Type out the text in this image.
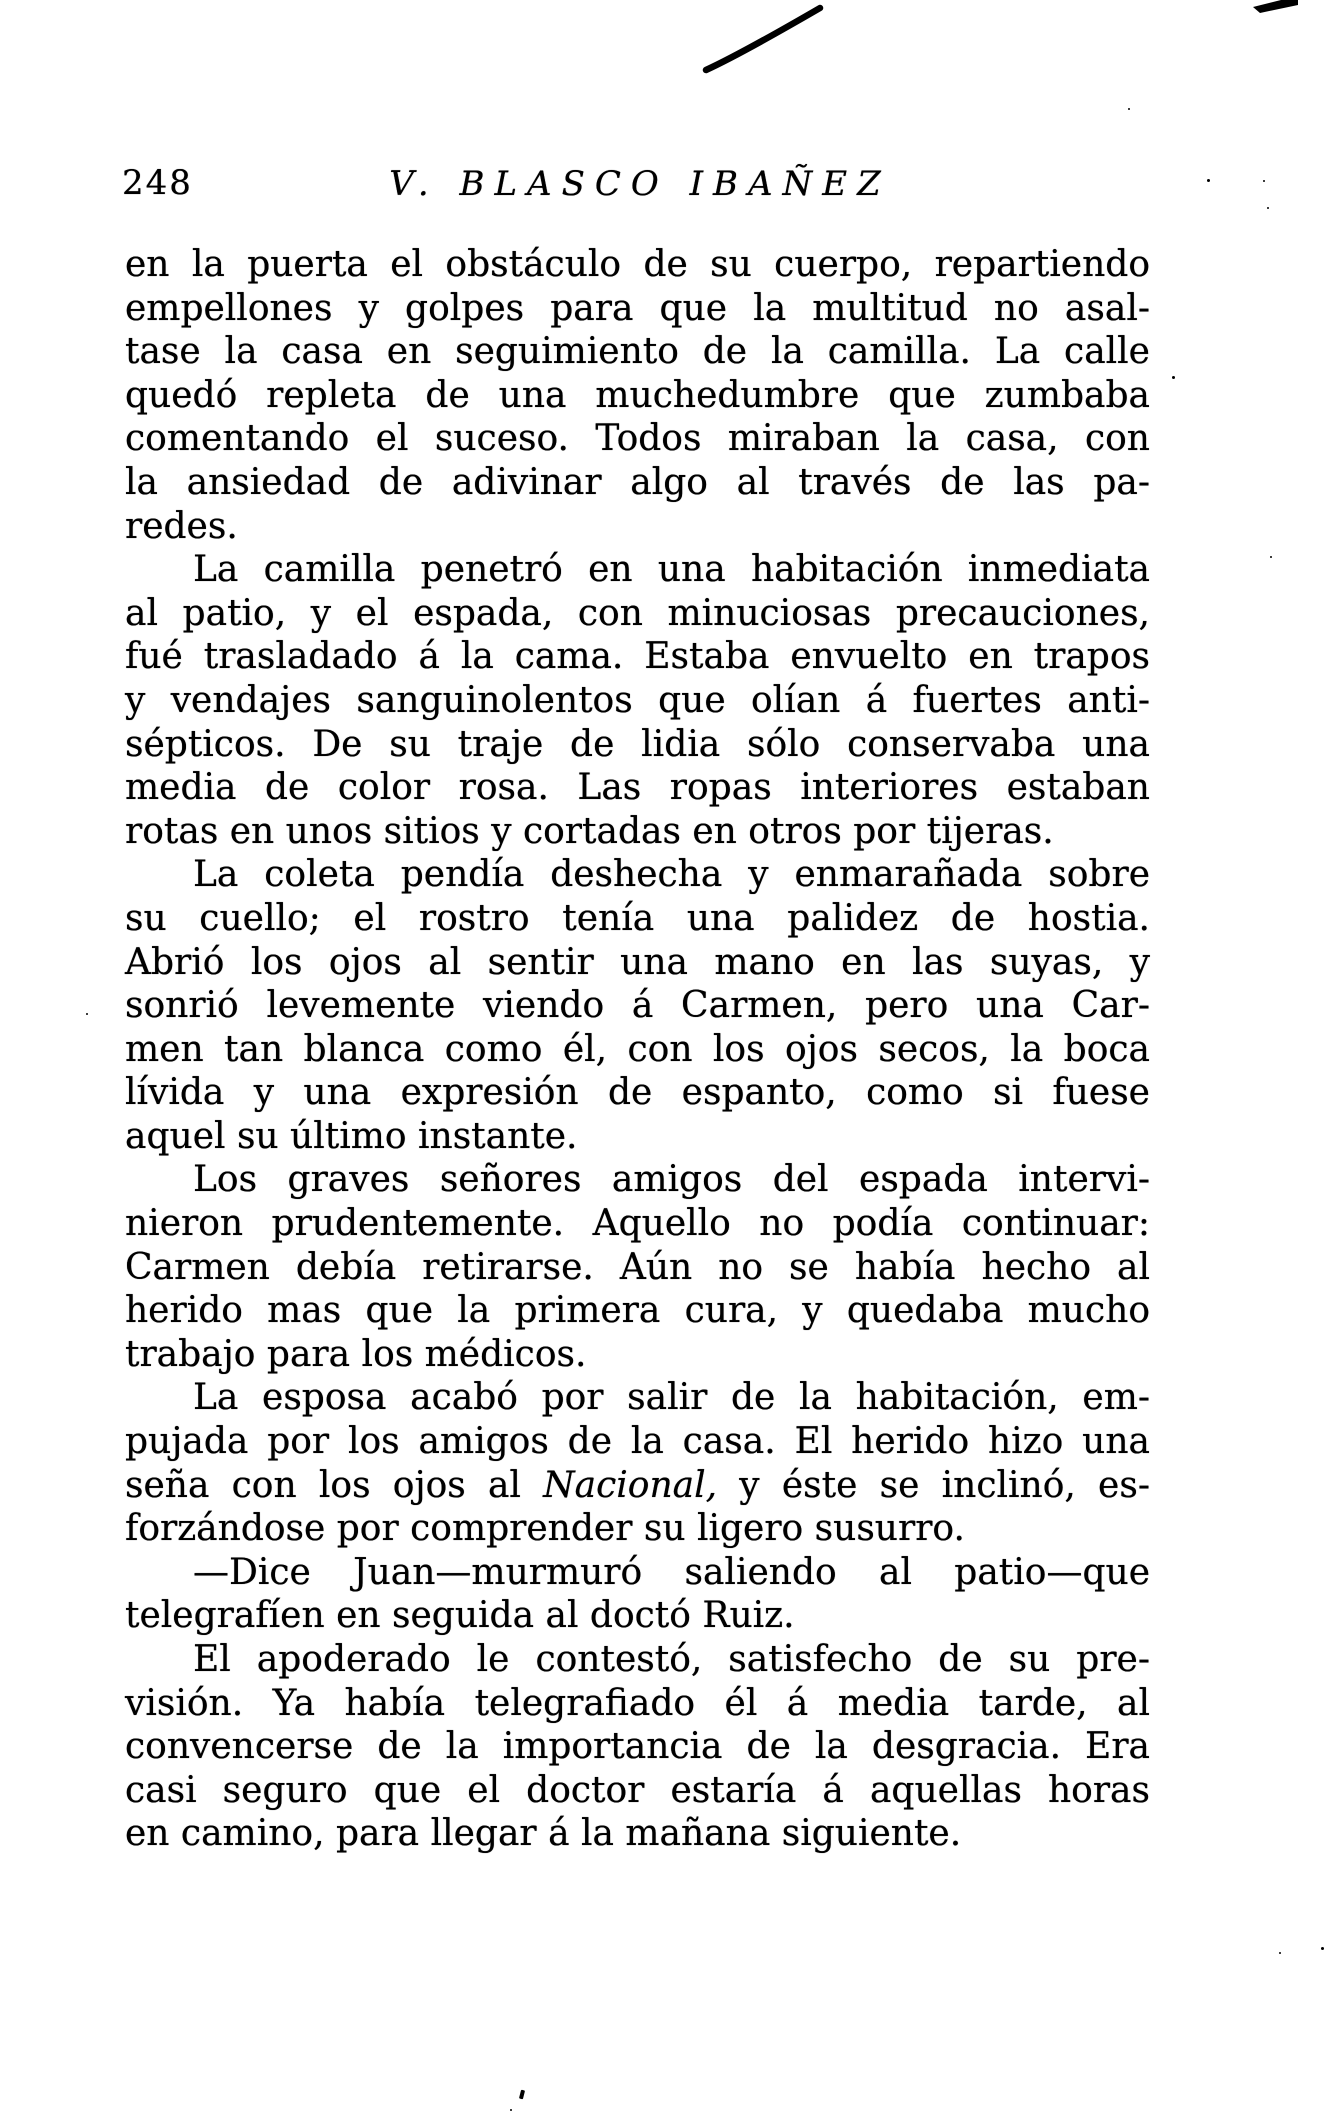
248	V. BLASCO IBAÑEZ
en la puerta el obstáculo de su cuerpo, repartiendo
empellones y golpes para que la multitud no asal-
tase la casa en seguimiento de la camilla. La calle
quedó repleta de una muchedumbre que zumbaba
comentando el suceso. Todos miraban la casa, con
la ansiedad de adivinar algo al través de las pa-
redes.
La camilla penetró en una habitación inmediata
al patio, y el espada, con minuciosas precauciones,
fué trasladado á la cama. Estaba envuelto en trapos
y vendajes sanguinolentos que olían á fuertes anti-
sépticos. De su traje de lidia sólo conservaba una
media de color rosa. Las ropas interiores estaban
rotas en unos sitios y cortadas en otros por tijeras.
La coleta pendía deshecha y enmarañada sobre
su cuello; el rostro tenía una palidez de hostia.
Abrió los ojos al sentir una mano en las suyas, y
sonrió levemente viendo á Carmen, pero una Car-
men tan blanca como él, con los ojos secos, la boca
lívida y una expresión de espanto, como si fuese
aquel su último instante.
Los graves señores amigos del espada intervi-
nieron prudentemente. Aquello no podía continuar:
Carmen debía retirarse. Aún no se había hecho al
herido mas que la primera cura, y quedaba mucho
trabajo para los médicos.
La esposa acabó por salir de la habitación, em-
pujada por los amigos de la casa. El herido hizo una
seña con los ojos al Nacional, y éste se inclinó, es-
forzándose por comprender su ligero susurro.
—Dice Juan—murmuró saliendo al patio—que
telegrafíen en seguida al doctó Ruiz.
El apoderado le contestó, satisfecho de su pre-
visión. Ya había telegrafiado él á media tarde, al
convencerse de la importancia de la desgracia. Era
casi seguro que el doctor estaría á aquellas horas
en camino, para llegar á la mañana siguiente.
